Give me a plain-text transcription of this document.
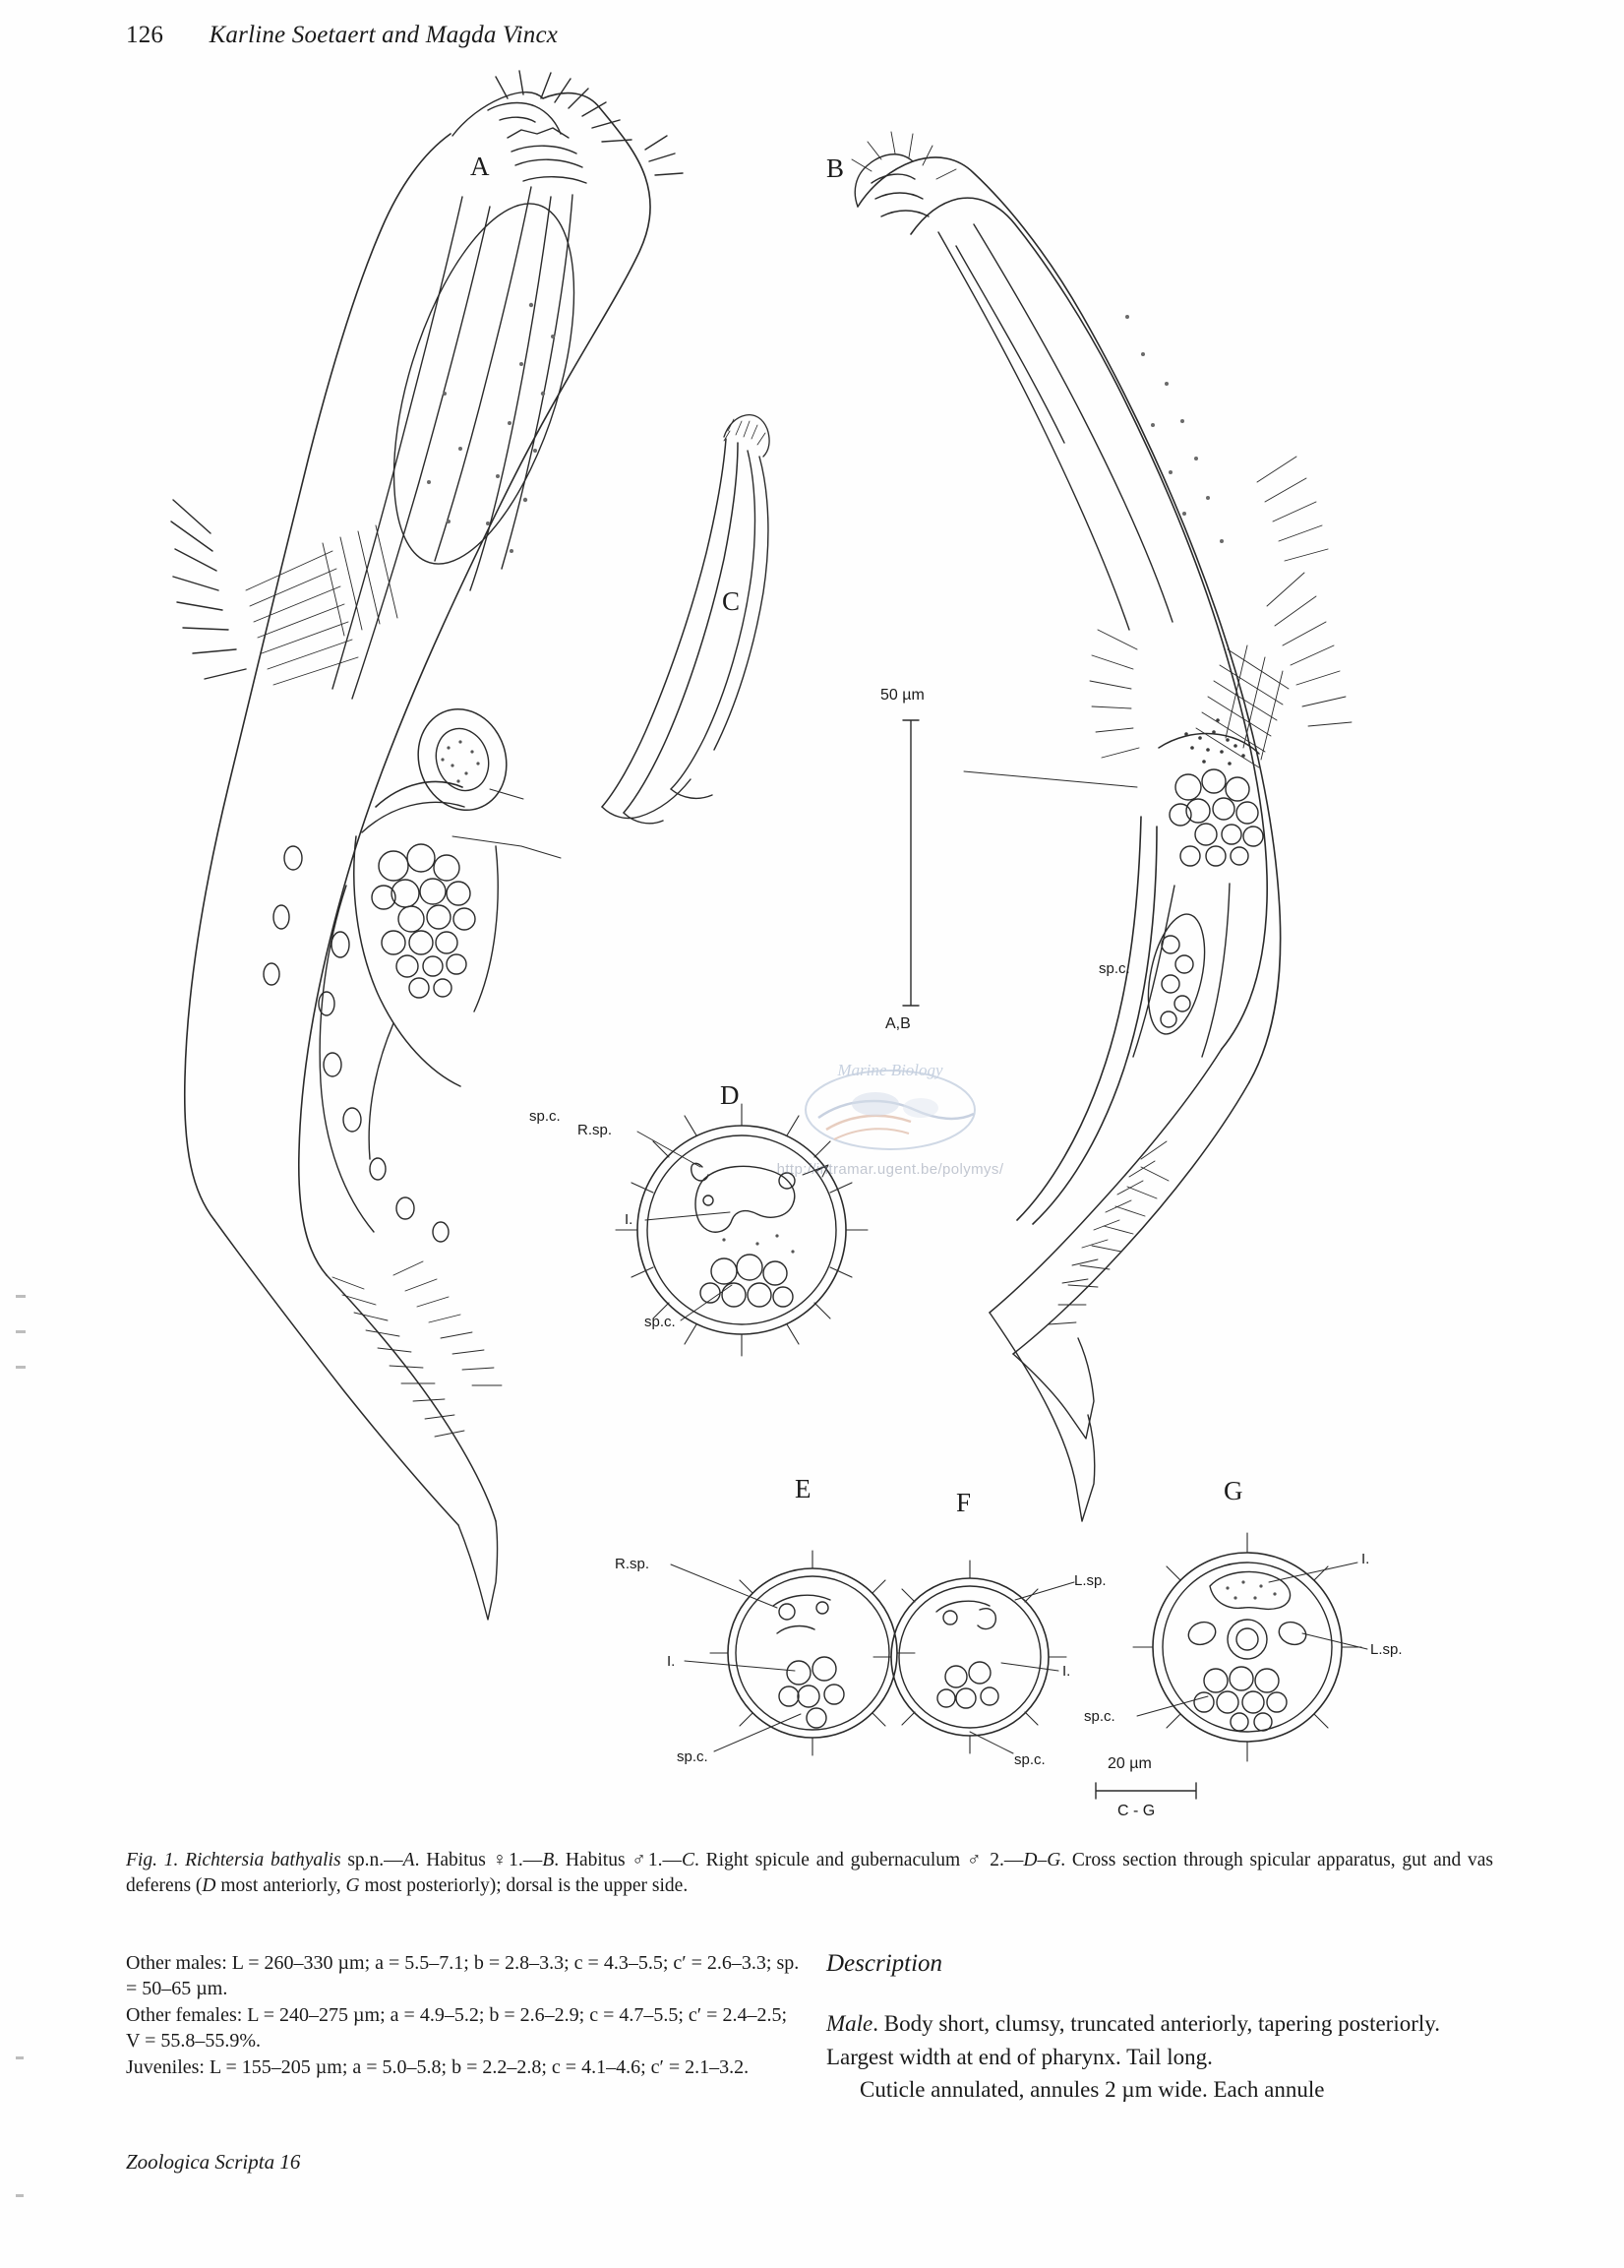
126 Karline Soetaert and Magda Vincx
A	B
C
D
E	F	G
sp.c.
sp.c.
R.sp.
I.
sp.c.
R.sp.
I.
sp.c.
L.sp.
I.
sp.c.
I.
L.sp.
sp.c.
50 µm
A,B
20 µm
C - G
Marine Biology
http://intramar.ugent.be/polymys/
Fig. 1. Richtersia bathyalis sp.n.—A. Habitus ♀1.—B. Habitus ♂1.—C. Right spicule and gubernaculum ♂ 2.—D–G. Cross section through spicular apparatus, gut and vas deferens (D most anteriorly, G most posteriorly); dorsal is the upper side.
Other males: L = 260–330 µm; a = 5.5–7.1; b = 2.8–3.3; c = 4.3–5.5; c′ = 2.6–3.3; sp. = 50–65 µm.
Other females: L = 240–275 µm; a = 4.9–5.2; b = 2.6–2.9; c = 4.7–5.5; c′ = 2.4–2.5; V = 55.8–55.9%.
Juveniles: L = 155–205 µm; a = 5.0–5.8; b = 2.2–2.8; c = 4.1–4.6; c′ = 2.1–3.2.
Description
Male. Body short, clumsy, truncated anteriorly, tapering posteriorly. Largest width at end of pharynx. Tail long.
Cuticle annulated, annules 2 µm wide. Each annule
Zoologica Scripta 16
